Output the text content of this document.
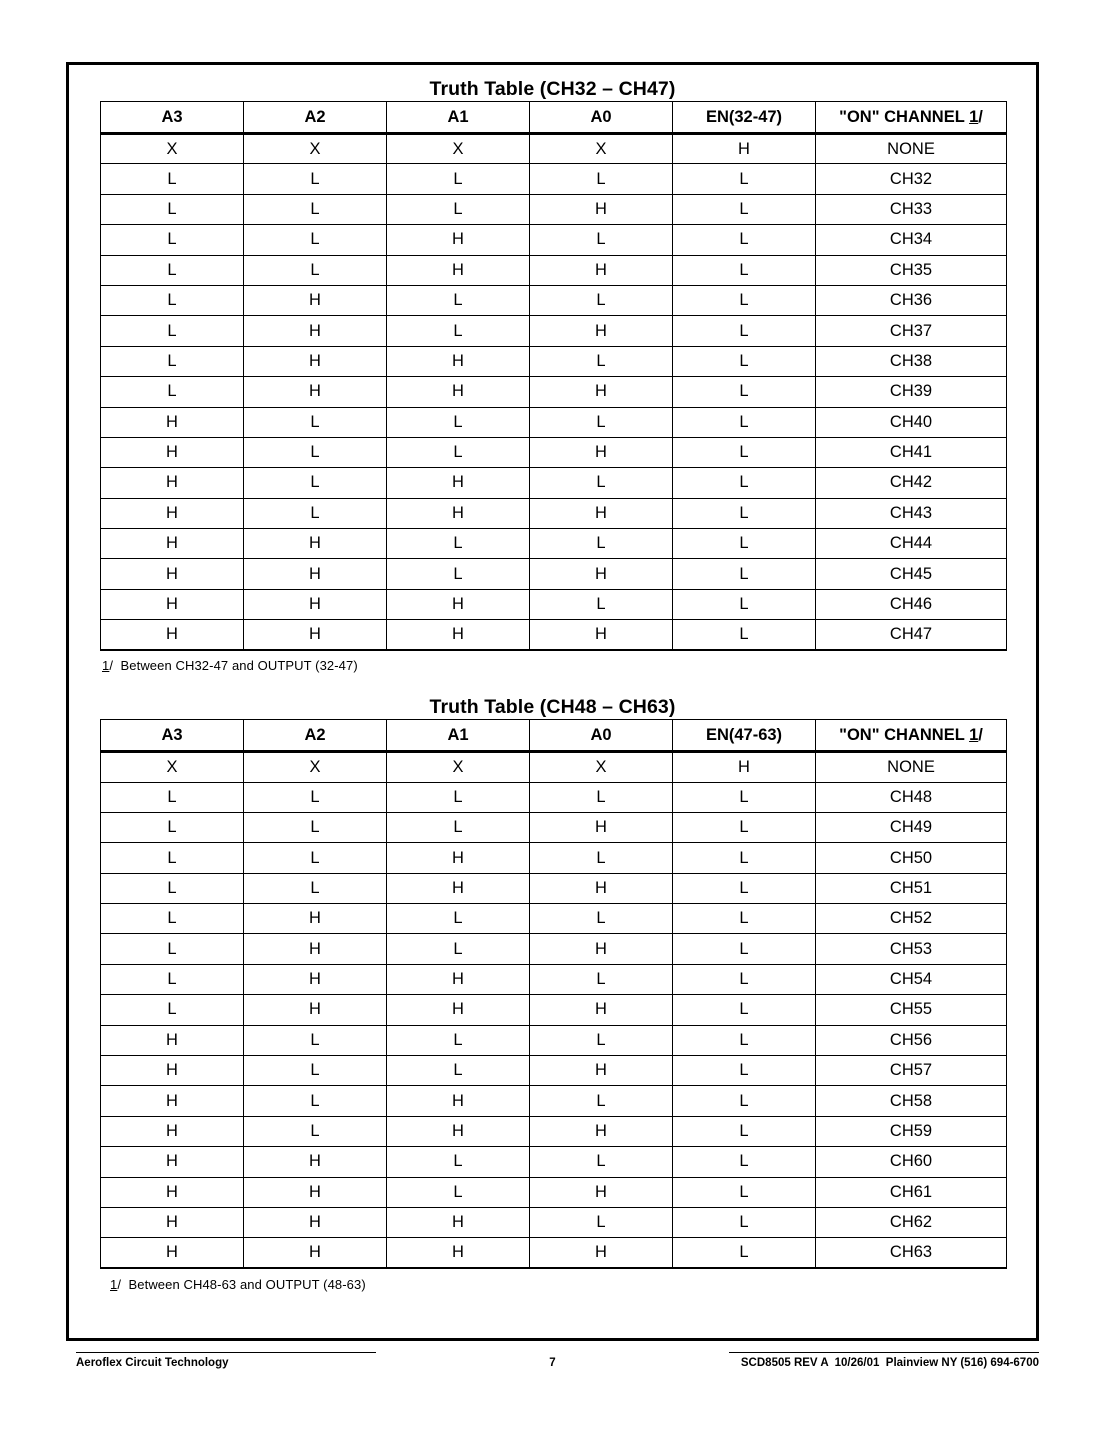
Truth Table (CH32 – CH47)
A3	A2	A1	A0	EN(32-47)	"ON" CHANNEL 1/
X	X	X	X	H	NONE
L	L	L	L	L	CH32
L	L	L	H	L	CH33
L	L	H	L	L	CH34
L	L	H	H	L	CH35
L	H	L	L	L	CH36
L	H	L	H	L	CH37
L	H	H	L	L	CH38
L	H	H	H	L	CH39
H	L	L	L	L	CH40
H	L	L	H	L	CH41
H	L	H	L	L	CH42
H	L	H	H	L	CH43
H	H	L	L	L	CH44
H	H	L	H	L	CH45
H	H	H	L	L	CH46
H	H	H	H	L	CH47
1/ Between CH32-47 and OUTPUT (32-47)
Truth Table (CH48 – CH63)
A3	A2	A1	A0	EN(47-63)	"ON" CHANNEL 1/
X	X	X	X	H	NONE
L	L	L	L	L	CH48
L	L	L	H	L	CH49
L	L	H	L	L	CH50
L	L	H	H	L	CH51
L	H	L	L	L	CH52
L	H	L	H	L	CH53
L	H	H	L	L	CH54
L	H	H	H	L	CH55
H	L	L	L	L	CH56
H	L	L	H	L	CH57
H	L	H	L	L	CH58
H	L	H	H	L	CH59
H	H	L	L	L	CH60
H	H	L	H	L	CH61
H	H	H	L	L	CH62
H	H	H	H	L	CH63
1/ Between CH48-63 and OUTPUT (48-63)
Aeroflex Circuit Technology	7	SCD8505 REV A  10/26/01  Plainview NY (516) 694-6700
